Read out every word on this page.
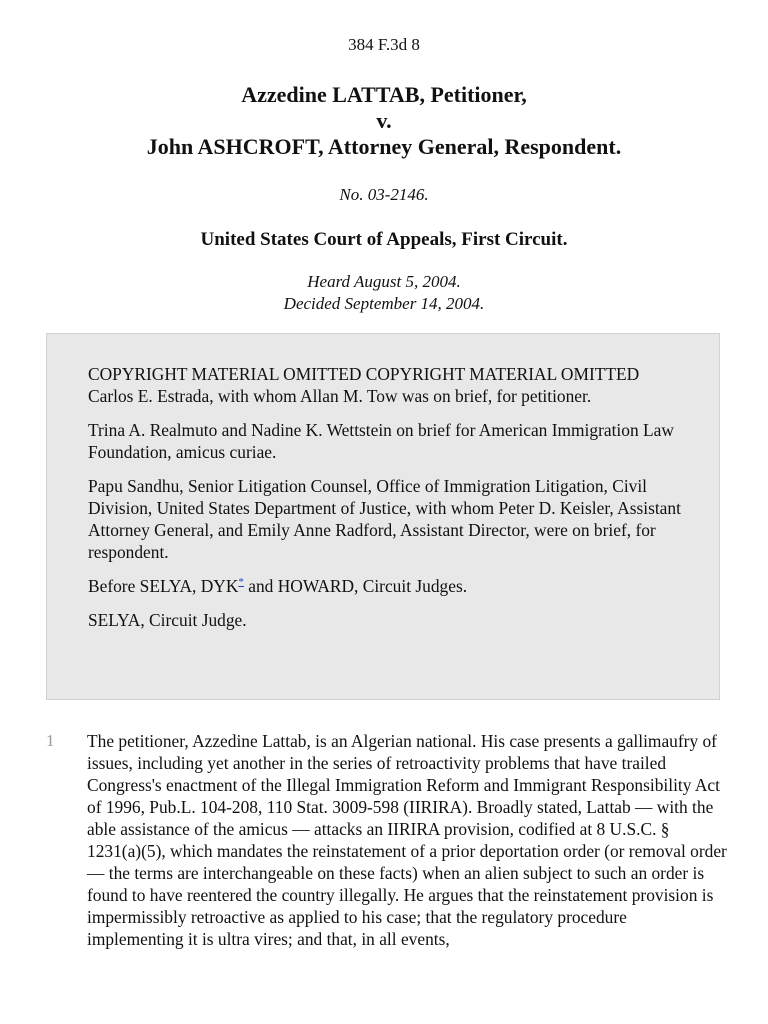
384 F.3d 8
Azzedine LATTAB, Petitioner,
v.
John ASHCROFT, Attorney General, Respondent.
No. 03-2146.
United States Court of Appeals, First Circuit.
Heard August 5, 2004.
Decided September 14, 2004.

COPYRIGHT MATERIAL OMITTED COPYRIGHT MATERIAL OMITTED Carlos E. Estrada, with whom Allan M. Tow was on brief, for petitioner.

Trina A. Realmuto and Nadine K. Wettstein on brief for American Immigration Law Foundation, amicus curiae.

Papu Sandhu, Senior Litigation Counsel, Office of Immigration Litigation, Civil Division, United States Department of Justice, with whom Peter D. Keisler, Assistant Attorney General, and Emily Anne Radford, Assistant Director, were on brief, for respondent.

Before SELYA, DYK* and HOWARD, Circuit Judges.

SELYA, Circuit Judge.

1 The petitioner, Azzedine Lattab, is an Algerian national. His case presents a gallimaufry of issues, including yet another in the series of retroactivity problems that have trailed Congress's enactment of the Illegal Immigration Reform and Immigrant Responsibility Act of 1996, Pub.L. 104-208, 110 Stat. 3009-598 (IIRIRA). Broadly stated, Lattab — with the able assistance of the amicus — attacks an IIRIRA provision, codified at 8 U.S.C. § 1231(a)(5), which mandates the reinstatement of a prior deportation order (or removal order — the terms are interchangeable on these facts) when an alien subject to such an order is found to have reentered the country illegally. He argues that the reinstatement provision is impermissibly retroactive as applied to his case; that the regulatory procedure implementing it is ultra vires; and that, in all events,
